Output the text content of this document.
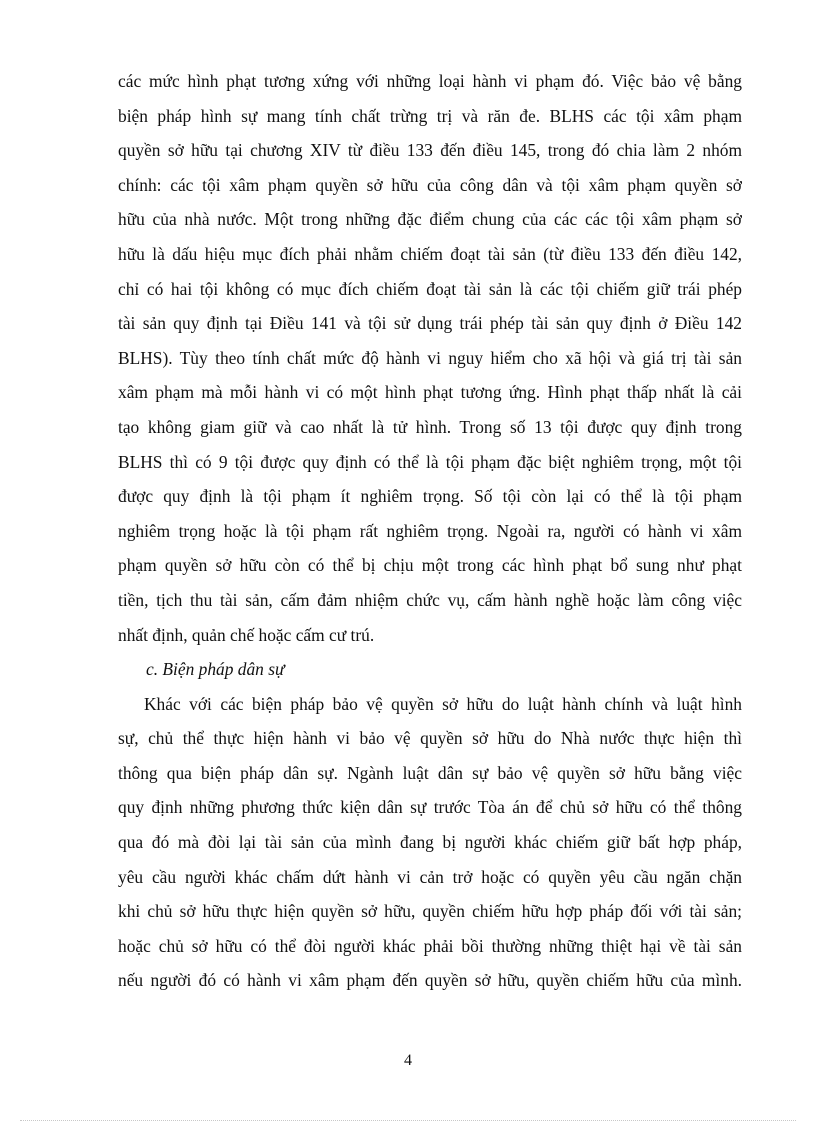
các mức hình phạt tương xứng với những loại hành vi phạm đó. Việc bảo vệ bằng
biện pháp hình sự mang tính chất trừng trị và răn đe. BLHS các tội xâm phạm
quyền sở hữu tại chương XIV từ điều 133 đến điều 145, trong đó chia làm 2 nhóm
chính: các tội xâm phạm quyền sở hữu của công dân và tội xâm phạm quyền sở
hữu của nhà nước. Một trong những đặc điểm chung của các các tội xâm phạm sở
hữu là dấu hiệu mục đích phải nhằm chiếm đoạt tài sản (từ điều 133 đến điều 142,
chỉ có hai tội không có mục đích chiếm đoạt tài sản là các tội chiếm giữ trái phép
tài sản quy định tại Điều 141 và tội sử dụng trái phép tài sản quy định ở Điều 142
BLHS). Tùy theo tính chất mức độ hành vi nguy hiểm cho xã hội và giá trị tài sản
xâm phạm mà mỗi hành vi có một hình phạt tương ứng. Hình phạt thấp nhất là cải
tạo không giam giữ và cao nhất là tử hình. Trong số 13 tội được quy định trong
BLHS thì có 9 tội được quy định có thể là tội phạm đặc biệt nghiêm trọng, một tội
được quy định là tội phạm ít nghiêm trọng. Số tội còn lại có thể là tội phạm
nghiêm trọng hoặc là tội phạm rất nghiêm trọng. Ngoài ra, người có hành vi xâm
phạm quyền sở hữu còn có thể bị chịu một trong các hình phạt bổ sung như phạt
tiền, tịch thu tài sản, cấm đảm nhiệm chức vụ, cấm hành nghề hoặc làm công việc
nhất định, quản chế hoặc cấm cư trú.
c. Biện pháp dân sự
Khác với các biện pháp bảo vệ quyền sở hữu do luật hành chính và luật hình
sự, chủ thể thực hiện hành vi bảo vệ quyền sở hữu do Nhà nước thực hiện thì
thông qua biện pháp dân sự. Ngành luật dân sự bảo vệ quyền sở hữu bằng việc
quy định những phương thức kiện dân sự trước Tòa án để chủ sở hữu có thể thông
qua đó mà đòi lại tài sản của mình đang bị người khác chiếm giữ bất hợp pháp,
yêu cầu người khác chấm dứt hành vi cản trở hoặc có quyền yêu cầu ngăn chặn
khi chủ sở hữu thực hiện quyền sở hữu, quyền chiếm hữu hợp pháp đối với tài sản;
hoặc chủ sở hữu có thể đòi người khác phải bồi thường những thiệt hại về tài sản
nếu người đó có hành vi xâm phạm đến quyền sở hữu, quyền chiếm hữu của mình.
4
